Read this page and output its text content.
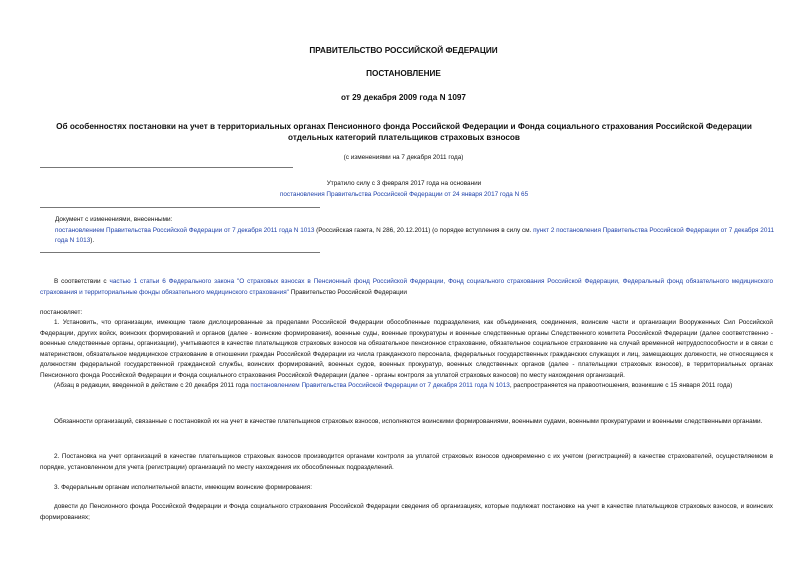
ПРАВИТЕЛЬСТВО РОССИЙСКОЙ ФЕДЕРАЦИИ
ПОСТАНОВЛЕНИЕ
от 29 декабря 2009 года N 1097
Об особенностях постановки на учет в территориальных органах Пенсионного фонда Российской Федерации и Фонда социального страхования Российской Федерации отдельных категорий плательщиков страховых взносов
(с изменениями на 7 декабря 2011 года)
Утратило силу с 3 февраля 2017 года на основании
постановления Правительства Российской Федерации от 24 января 2017 года N 65
Документ с изменениями, внесенными:
постановлением Правительства Российской Федерации от 7 декабря 2011 года N 1013 (Российская газета, N 286, 20.12.2011) (о порядке вступления в силу см. пункт 2 постановления Правительства Российской Федерации от 7 декабря 2011 года N 1013).
В соответствии с частью 1 статьи 6 Федерального закона "О страховых взносах в Пенсионный фонд Российской Федерации, Фонд социального страхования Российской Федерации, Федеральный фонд обязательного медицинского страхования и территориальные фонды обязательного медицинского страхования" Правительство Российской Федерации
постановляет:
1. Установить, что организации, имеющие такие дислоцированные за пределами Российской Федерации обособленные подразделения, как объединения, соединения, воинские части и организации Вооруженных Сил Российской Федерации, других войск, воинских формирований и органов (далее - воинские формирования), военные суды, военные прокуратуры и военные следственные органы Следственного комитета Российской Федерации (далее соответственно - военные следственные органы, организации), учитываются в качестве плательщиков страховых взносов на обязательное пенсионное страхование, обязательное социальное страхование на случай временной нетрудоспособности и в связи с материнством, обязательное медицинское страхование в отношении граждан Российской Федерации из числа гражданского персонала, федеральных государственных гражданских служащих и лиц, замещающих должности, не относящиеся к должностям федеральной государственной гражданской службы, воинских формирований, военных судов, военных прокуратур, военных следственных органов (далее - плательщики страховых взносов), в территориальных органах Пенсионного фонда Российской Федерации и Фонда социального страхования Российской Федерации (далее - органы контроля за уплатой страховых взносов) по месту нахождения организаций.
(Абзац в редакции, введенной в действие с 20 декабря 2011 года постановлением Правительства Российской Федерации от 7 декабря 2011 года N 1013, распространяется на правоотношения, возникшие с 15 января 2011 года)
Обязанности организаций, связанные с постановкой их на учет в качестве плательщиков страховых взносов, исполняются воинскими формированиями, военными судами, военными прокуратурами и военными следственными органами.
2. Постановка на учет организаций в качестве плательщиков страховых взносов производится органами контроля за уплатой страховых взносов одновременно с их учетом (регистрацией) в качестве страхователей, осуществляемом в порядке, установленном для учета (регистрации) организаций по месту нахождения их обособленных подразделений.
3. Федеральным органам исполнительной власти, имеющим воинские формирования:
довести до Пенсионного фонда Российской Федерации и Фонда социального страхования Российской Федерации сведения об организациях, которые подлежат постановке на учет в качестве плательщиков страховых взносов, и воинских формированиях;
